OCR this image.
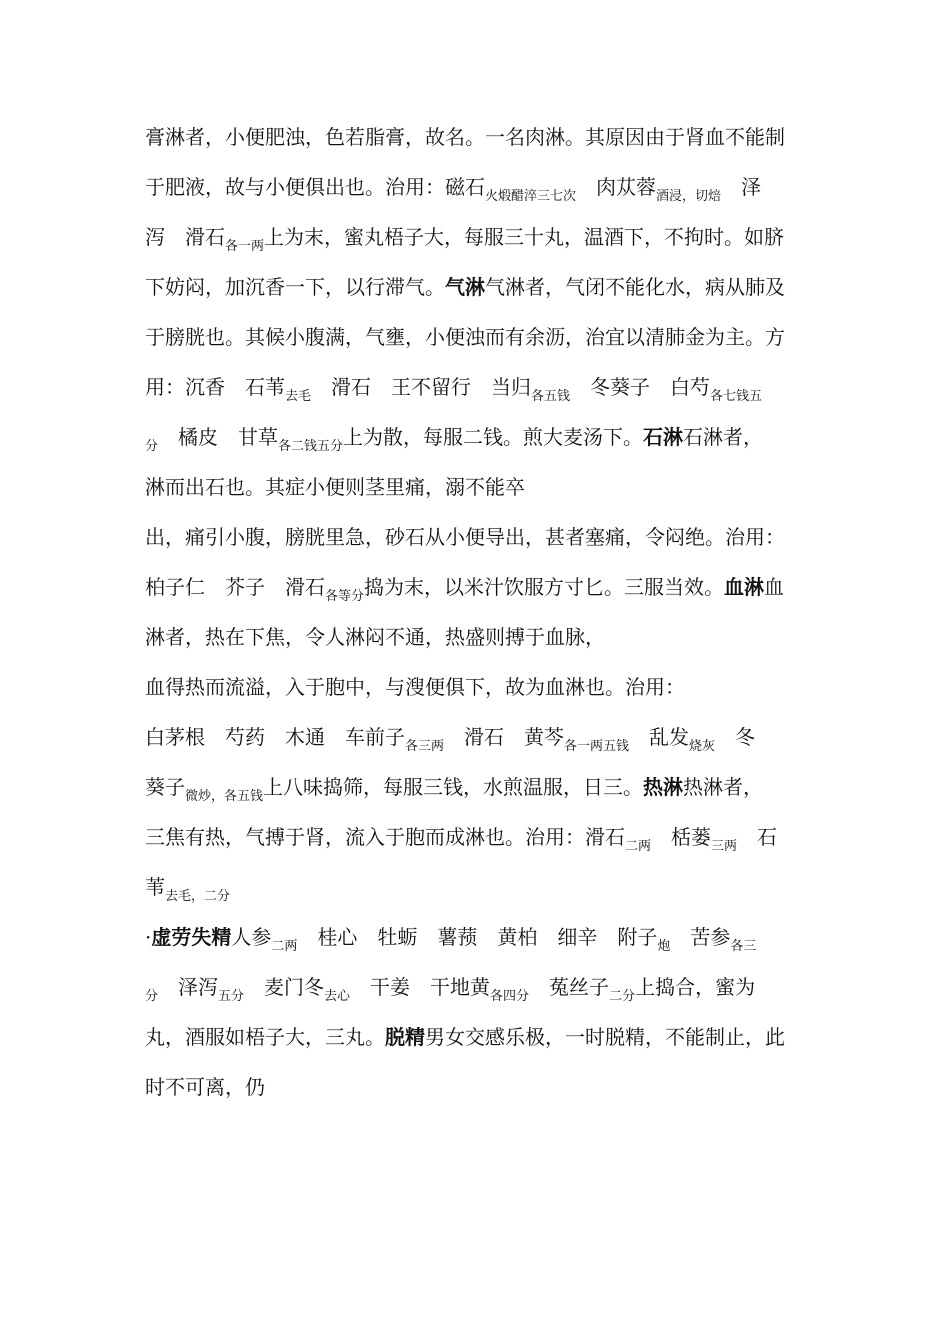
膏淋者，小便肥浊，色若脂膏，故名。一名肉淋。其原因由于肾血不能制
于肥液，故与小便俱出也。治用：磁石$_{火煅醋淬三七次}$　肉苁蓉$_{酒浸,切焙}$　泽
泻　滑石$_{各一两}$上为末，蜜丸梧子大，每服三十丸，温酒下，不拘时。如脐
下妨闷，加沉香一下，以行滞气。气淋气淋者，气闭不能化水，病从肺及
于膀胱也。其候小腹满，气壅，小便浊而有余沥，治宜以清肺金为主。方
用：沉香　石苇$_{去毛}$　滑石　王不留行　当归$_{各五钱}$　冬葵子　白芍$_{各七钱五}$
$_分$　橘皮　甘草$_{各二钱五分}$上为散，每服二钱。煎大麦汤下。石淋石淋者，
淋而出石也。其症小便则茎里痛，溺不能卒
出，痛引小腹，膀胱里急，砂石从小便导出，甚者塞痛，令闷绝。治用：
柏子仁　芥子　滑石$_{各等分}$捣为末，以米汁饮服方寸匕。三服当效。血淋血
淋者，热在下焦，令人淋闷不通，热盛则搏于血脉，
血得热而流溢，入于胞中，与溲便俱下，故为血淋也。治用：
白茅根　芍药　木通　车前子$_{各三两}$　滑石　黄芩$_{各一两五钱}$　乱发$_{烧灰}$　冬
葵子$_{微炒,各五钱}$上八味捣筛，每服三钱，水煎温服，日三。热淋热淋者，
三焦有热，气搏于肾，流入于胞而成淋也。治用：滑石$_{二两}$　栝蒌$_{三两}$　石
苇$_{去毛,二分}$
·虚劳失精人参$_{二两}$　桂心　牡蛎　薯蓣　黄柏　细辛　附子$_炮$　苦参$_{各三}$
$_分$　泽泻$_{五分}$　麦门冬$_{去心}$　干姜　干地黄$_{各四分}$　菟丝子$_{二分}$上捣合，蜜为
丸，酒服如梧子大，三丸。脱精男女交感乐极，一时脱精，不能制止，此
时不可离，仍
